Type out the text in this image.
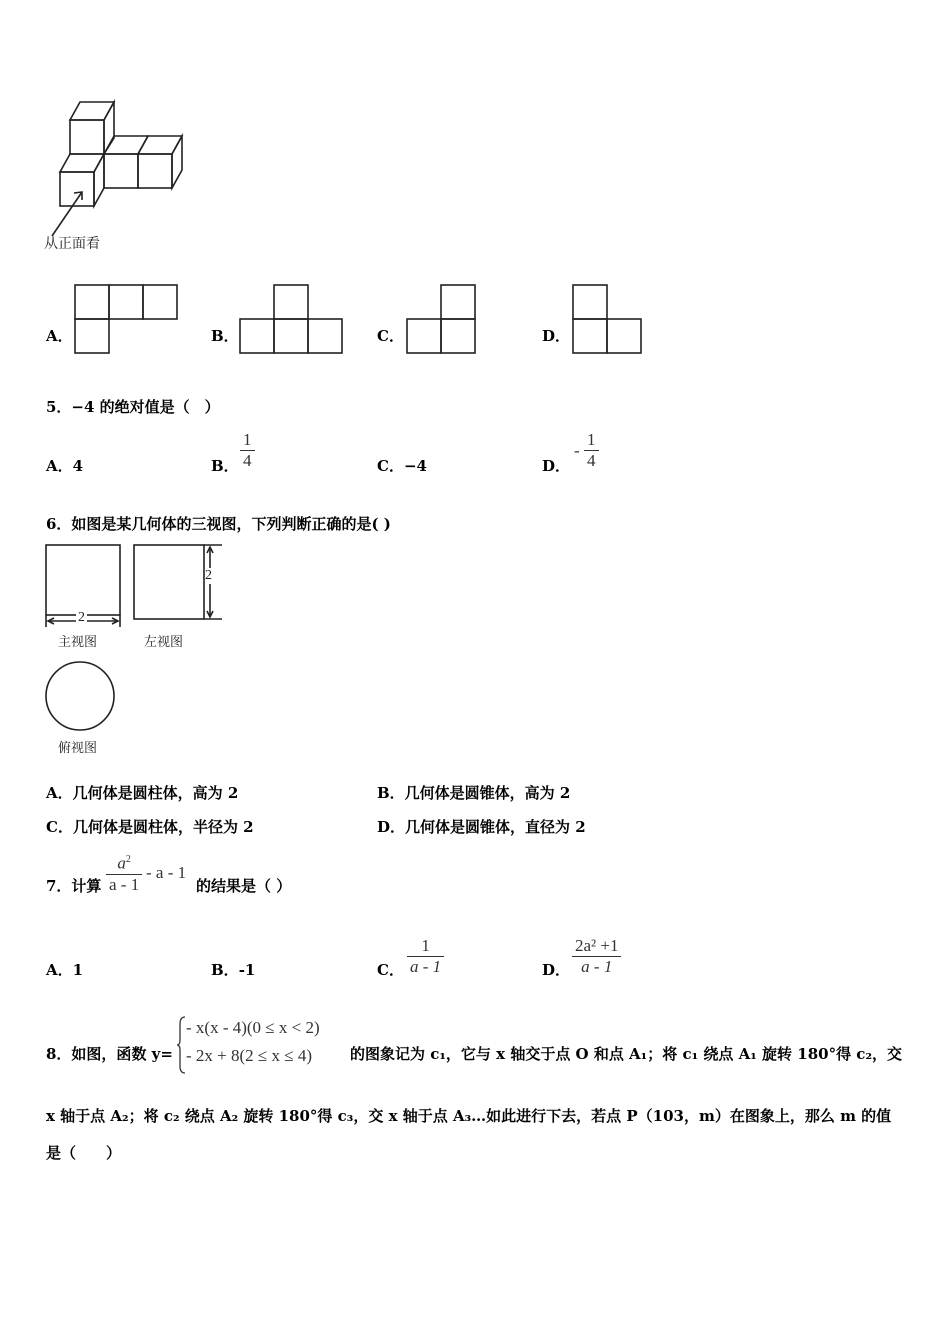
从正面看
A．	B．	C．	D．
5．−4 的绝对值是（　）
A．4	B．
1
4	C．−4	D．
-
1
4
6．如图是某几何体的三视图，下列判断正确的是( )
2
主视图
2
左视图
俯视图
A．几何体是圆柱体，高为 2	B．几何体是圆锥体，高为 2
C．几何体是圆柱体，半径为 2	D．几何体是圆锥体，直径为 2
7．计算
$a^2$
a - 1
- a - 1
的结果是（ ）
A．1	B．-1	C．
1
a - 1	D．
2a² +1
a - 1
8．如图，函数 y=
- x(x - 4)(0 ≤ x < 2)
- 2x + 8(2 ≤ x ≤ 4)	的图象记为 c₁，它与 x 轴交于点 O 和点 A₁；将 c₁ 绕点 A₁ 旋转 180°得 c₂，交
x 轴于点 A₂；将 c₂ 绕点 A₂ 旋转 180°得 c₃，交 x 轴于点 A₃…如此进行下去，若点 P（103，m）在图象上，那么 m 的值
是（　　）
